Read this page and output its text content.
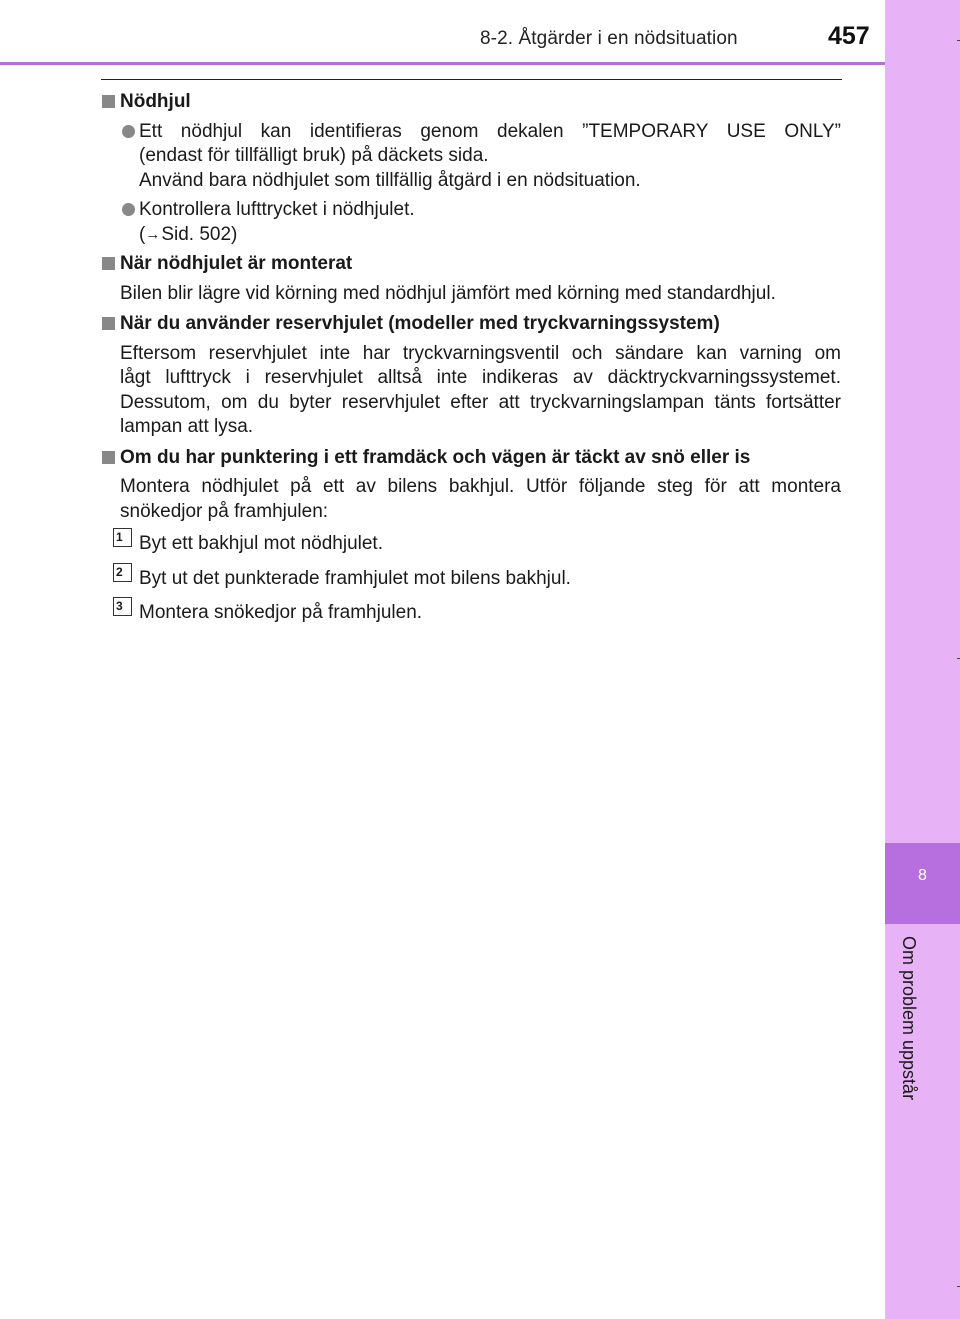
8-2. Åtgärder i en nödsituation	457
8
Om problem uppstår
Nödhjul
Ett nödhjul kan identifieras genom dekalen ”TEMPORARY USE ONLY”
(endast för tillfälligt bruk) på däckets sida.
Använd bara nödhjulet som tillfällig åtgärd i en nödsituation.
Kontrollera lufttrycket i nödhjulet.
(→Sid. 502)
När nödhjulet är monterat
Bilen blir lägre vid körning med nödhjul jämfört med körning med standardhjul.
När du använder reservhjulet (modeller med tryckvarningssystem)
Eftersom reservhjulet inte har tryckvarningsventil och sändare kan varning om
lågt lufttryck i reservhjulet alltså inte indikeras av däcktryckvarningssystemet.
Dessutom, om du byter reservhjulet efter att tryckvarningslampan tänts fortsätter
lampan att lysa.
Om du har punktering i ett framdäck och vägen är täckt av snö eller is
Montera nödhjulet på ett av bilens bakhjul. Utför följande steg för att montera
snökedjor på framhjulen:
1 Byt ett bakhjul mot nödhjulet.
2 Byt ut det punkterade framhjulet mot bilens bakhjul.
3 Montera snökedjor på framhjulen.
